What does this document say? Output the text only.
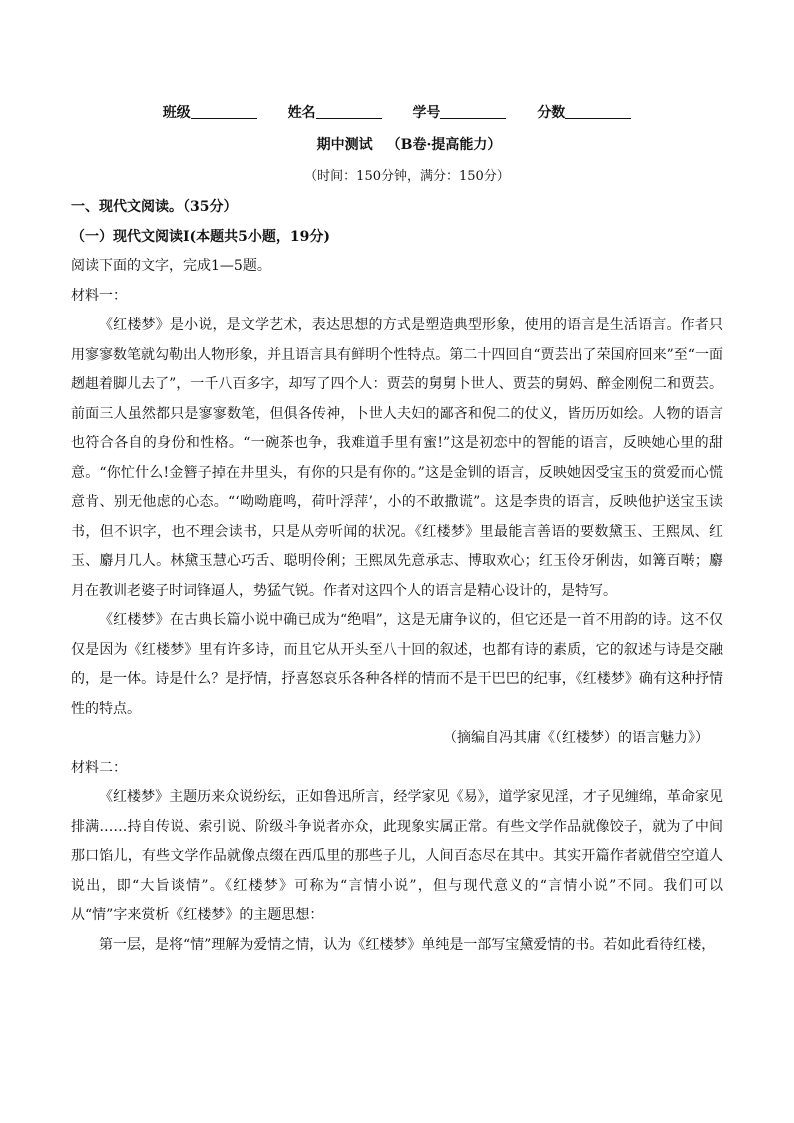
班级	姓名	学号	分数
期中测试 （B卷·提高能力）
（时间：150分钟，满分：150分）

一、现代文阅读。（35分）

（一）现代文阅读I(本题共5小题，19分)

阅读下面的文字，完成1—5题。

材料一：

《红楼梦》是小说，是文学艺术，表达思想的方式是塑造典型形象，使用的语言是生活语言。作者只用寥寥数笔就勾勒出人物形象，并且语言具有鲜明个性特点。第二十四回自“贾芸出了荣国府回来”至“一面趔趄着脚儿去了”，一千八百多字，却写了四个人：贾芸的舅舅卜世人、贾芸的舅妈、醉金刚倪二和贾芸。前面三人虽然都只是寥寥数笔，但俱各传神，卜世人夫妇的鄙吝和倪二的仗义，皆历历如绘。人物的语言也符合各自的身份和性格。“一碗茶也争，我难道手里有蜜!”这是初恋中的智能的语言，反映她心里的甜意。“你忙什么!金簪子掉在井里头，有你的只是有你的。”这是金钏的语言，反映她因受宝玉的赏爱而心慌意肯、别无他虑的心态。“‘呦呦鹿鸣，荷叶浮萍’，小的不敢撒谎”。这是李贵的语言，反映他护送宝玉读书，但不识字，也不理会读书，只是从旁听闻的状况。《红楼梦》里最能言善语的要数黛玉、王熙凤、红玉、麝月几人。林黛玉慧心巧舌、聪明伶俐；王熙凤先意承志、博取欢心；红玉伶牙俐齿，如篝百啭；麝月在教训老婆子时词锋逼人，势猛气锐。作者对这四个人的语言是精心设计的，是特写。

《红楼梦》在古典长篇小说中确已成为“绝唱”，这是无庸争议的，但它还是一首不用韵的诗。这不仅仅是因为《红楼梦》里有许多诗，而且它从开头至八十回的叙述，也都有诗的素质，它的叙述与诗是交融的，是一体。诗是什么？是抒情，抒喜怒哀乐各种各样的情而不是干巴巴的纪事，《红楼梦》确有这种抒情性的特点。

（摘编自冯其庸《（红楼梦）的语言魅力》）

材料二：

《红楼梦》主题历来众说纷纭，正如鲁迅所言，经学家见《易》，道学家见淫，才子见缠绵，革命家见排满……持自传说、索引说、阶级斗争说者亦众，此现象实属正常。有些文学作品就像饺子，就为了中间那口馅儿，有些文学作品就像点缀在西瓜里的那些子儿，人间百态尽在其中。其实开篇作者就借空空道人说出，即“大旨谈情”。《红楼梦》可称为“言情小说”，但与现代意义的“言情小说”不同。我们可以从“情”字来赏析《红楼梦》的主题思想：

第一层，是将“情”理解为爱情之情，认为《红楼梦》单纯是一部写宝黛爱情的书。若如此看待红楼，
